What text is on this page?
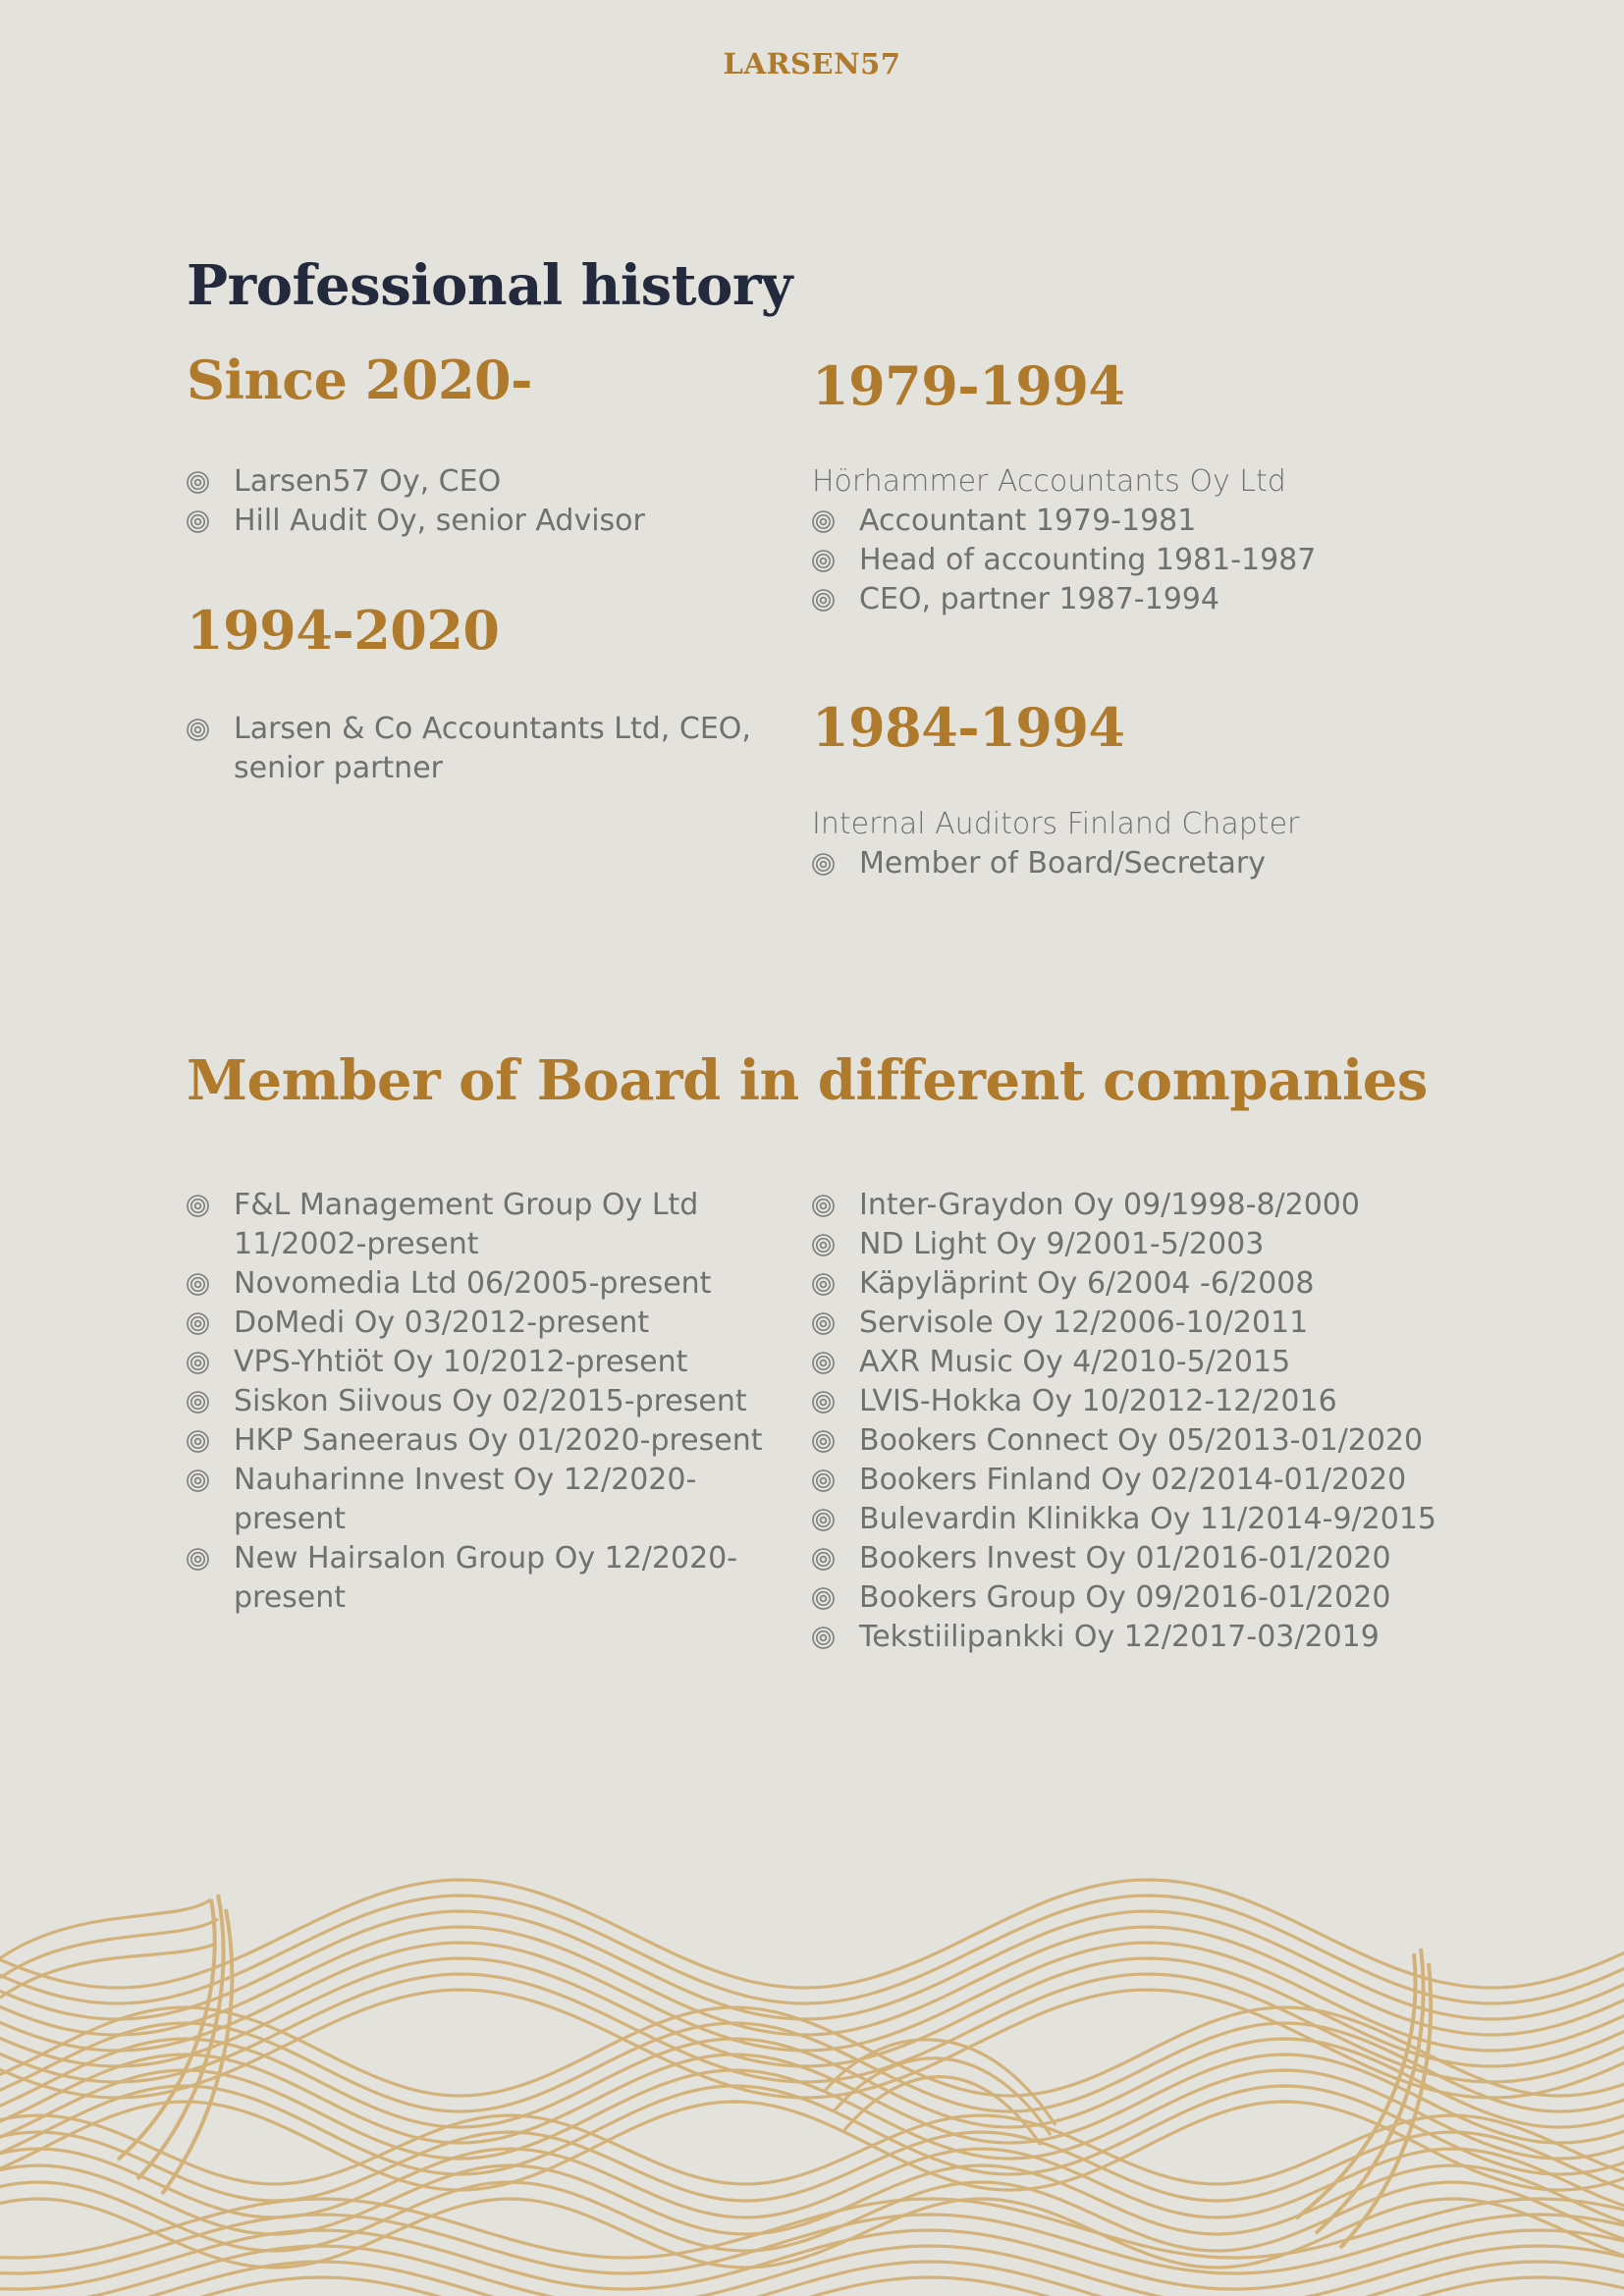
LARSEN57
Professional history
Since 2020-
Larsen57 Oy, CEO
Hill Audit Oy, senior Advisor
1994-2020
Larsen & Co Accountants Ltd, CEO, senior partner
1979-1994
Hörhammer Accountants Oy Ltd
Accountant 1979-1981
Head of accounting 1981-1987
CEO, partner 1987-1994
1984-1994
Internal Auditors Finland Chapter
Member of Board/Secretary
Member of Board in different companies
F&L Management Group Oy Ltd 11/2002-present
Novomedia Ltd 06/2005-present
DoMedi Oy 03/2012-present
VPS-Yhtiöt Oy 10/2012-present
Siskon Siivous Oy 02/2015-present
HKP Saneeraus Oy 01/2020-present
Nauharinne Invest Oy 12/2020-present
New Hairsalon Group Oy 12/2020-present
Inter-Graydon Oy 09/1998-8/2000
ND Light Oy 9/2001-5/2003
Käpyläprint Oy 6/2004 -6/2008
Servisole Oy 12/2006-10/2011
AXR Music Oy 4/2010-5/2015
LVIS-Hokka Oy 10/2012-12/2016
Bookers Connect Oy 05/2013-01/2020
Bookers Finland Oy 02/2014-01/2020
Bulevardin Klinikka Oy 11/2014-9/2015
Bookers Invest Oy 01/2016-01/2020
Bookers Group Oy 09/2016-01/2020
Tekstiilipankki Oy 12/2017-03/2019
